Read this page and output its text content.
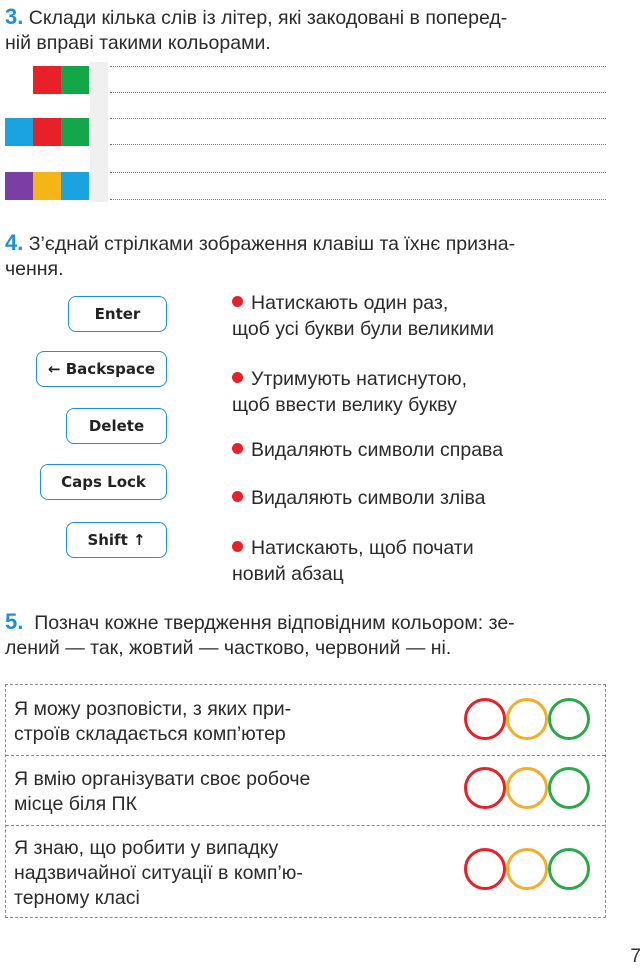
3. Склади кілька слів із літер, які закодовані в поперед-
ній вправі такими кольорами.
4. З’єднай стрілками зображення клавіш та їхнє призна-
чення.
Enter
← Backspace
Delete
Caps Lock
Shift ↑
Натискають один раз,
щоб усі букви були великими
Утримують натиснутою,
щоб ввести велику букву
Видаляють символи справа
Видаляють символи зліва
Натискають, щоб почати
новий абзац
5. Познач кожне твердження відповідним кольором: зе-
лений — так, жовтий — частково, червоний — ні.
Я можу розповісти, з яких при-
строїв складається комп’ютер
Я вмію організувати своє робоче
місце біля ПК
Я знаю, що робити у випадку
надзвичайної ситуації в комп’ю-
терному класі
7
